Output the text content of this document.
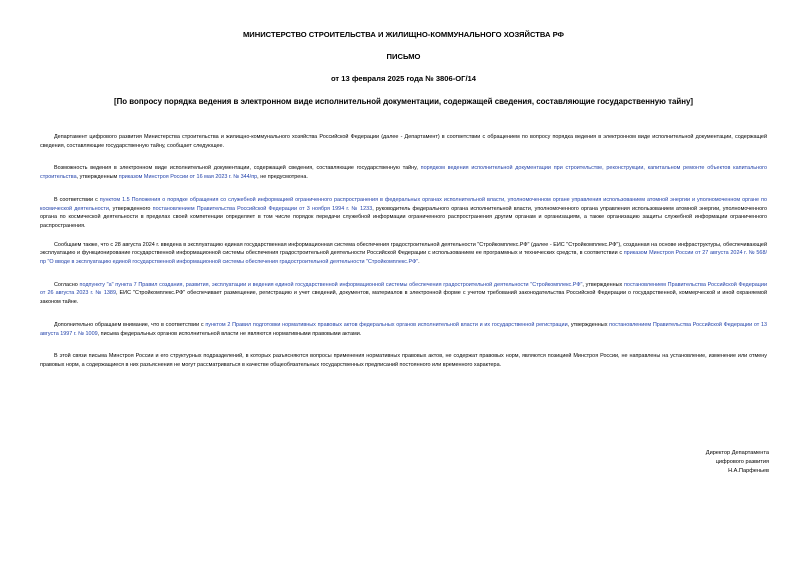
МИНИСТЕРСТВО СТРОИТЕЛЬСТВА И ЖИЛИЩНО-КОММУНАЛЬНОГО ХОЗЯЙСТВА РФ
ПИСЬМО
от 13 февраля 2025 года № 3806-ОГ/14
[По вопросу порядка ведения в электронном виде исполнительной документации, содержащей сведения, составляющие государственную тайну]

Департамент цифрового развития Министерства строительства и жилищно-коммунального хозяйства Российской Федерации (далее - Департамент) в соответствии с обращением по вопросу порядка ведения в электронном виде исполнительной документации, содержащей сведения, составляющие государственную тайну, сообщает следующее.

Возможность ведения в электронном виде исполнительной документации, содержащей сведения, составляющие государственную тайну, порядком ведения исполнительной документации при строительстве, реконструкции, капитальном ремонте объектов капитального строительства, утвержденным приказом Минстроя России от 16 мая 2023 г. № 344/пр, не предусмотрена.

В соответствии с пунктом 1.5 Положения о порядке обращения со служебной информацией ограниченного распространения в федеральных органах исполнительной власти, уполномоченном органе управления использованием атомной энергии и уполномоченном органе по космической деятельности, утвержденного постановлением Правительства Российской Федерации от 3 ноября 1994 г. № 1233, руководитель федерального органа исполнительной власти, уполномоченного органа управления использованием атомной энергии, уполномоченного органа по космической деятельности в пределах своей компетенции определяет в том числе порядок передачи служебной информации ограниченного распространения другим органам и организациям, а также организацию защиты служебной информации ограниченного распространения.

Сообщаем также, что с 28 августа 2024 г. введена в эксплуатацию единая государственная информационная система обеспечения градостроительной деятельности "Стройкомплекс.РФ" (далее - ЕИС "Стройкомплекс.РФ"), созданная на основе инфраструктуры, обеспечивающей эксплуатацию и функционирование государственной информационной системы обеспечения градостроительной деятельности Российской Федерации с использованием ее программных и технических средств, в соответствии с приказом Минстроя России от 27 августа 2024 г. № 568/пр "О вводе в эксплуатацию единой государственной информационной системы обеспечения градостроительной деятельности "Стройкомплекс.РФ".

Согласно подпункту "а" пункта 7 Правил создания, развития, эксплуатации и ведения единой государственной информационной системы обеспечения градостроительной деятельности "Стройкомплекс.РФ", утвержденных постановлением Правительства Российской Федерации от 26 августа 2023 г. № 1389, ЕИС "Стройкомплекс.РФ" обеспечивает размещение, регистрацию и учет сведений, документов, материалов в электронной форме с учетом требований законодательства Российской Федерации о государственной, коммерческой и иной охраняемой законом тайне.

Дополнительно обращаем внимание, что в соответствии с пунктом 2 Правил подготовки нормативных правовых актов федеральных органов исполнительной власти и их государственной регистрации, утвержденных постановлением Правительства Российской Федерации от 13 августа 1997 г. № 1009, письма федеральных органов исполнительной власти не являются нормативными правовыми актами.

В этой связи письма Минстроя России и его структурных подразделений, в которых разъясняются вопросы применения нормативных правовых актов, не содержат правовых норм, являются позицией Минстроя России, не направлены на установление, изменение или отмену правовых норм, а содержащиеся в них разъяснения не могут рассматриваться в качестве общеобязательных государственных предписаний постоянного или временного характера.

Директор Департамента
цифрового развития
Н.А.Парфеньев
